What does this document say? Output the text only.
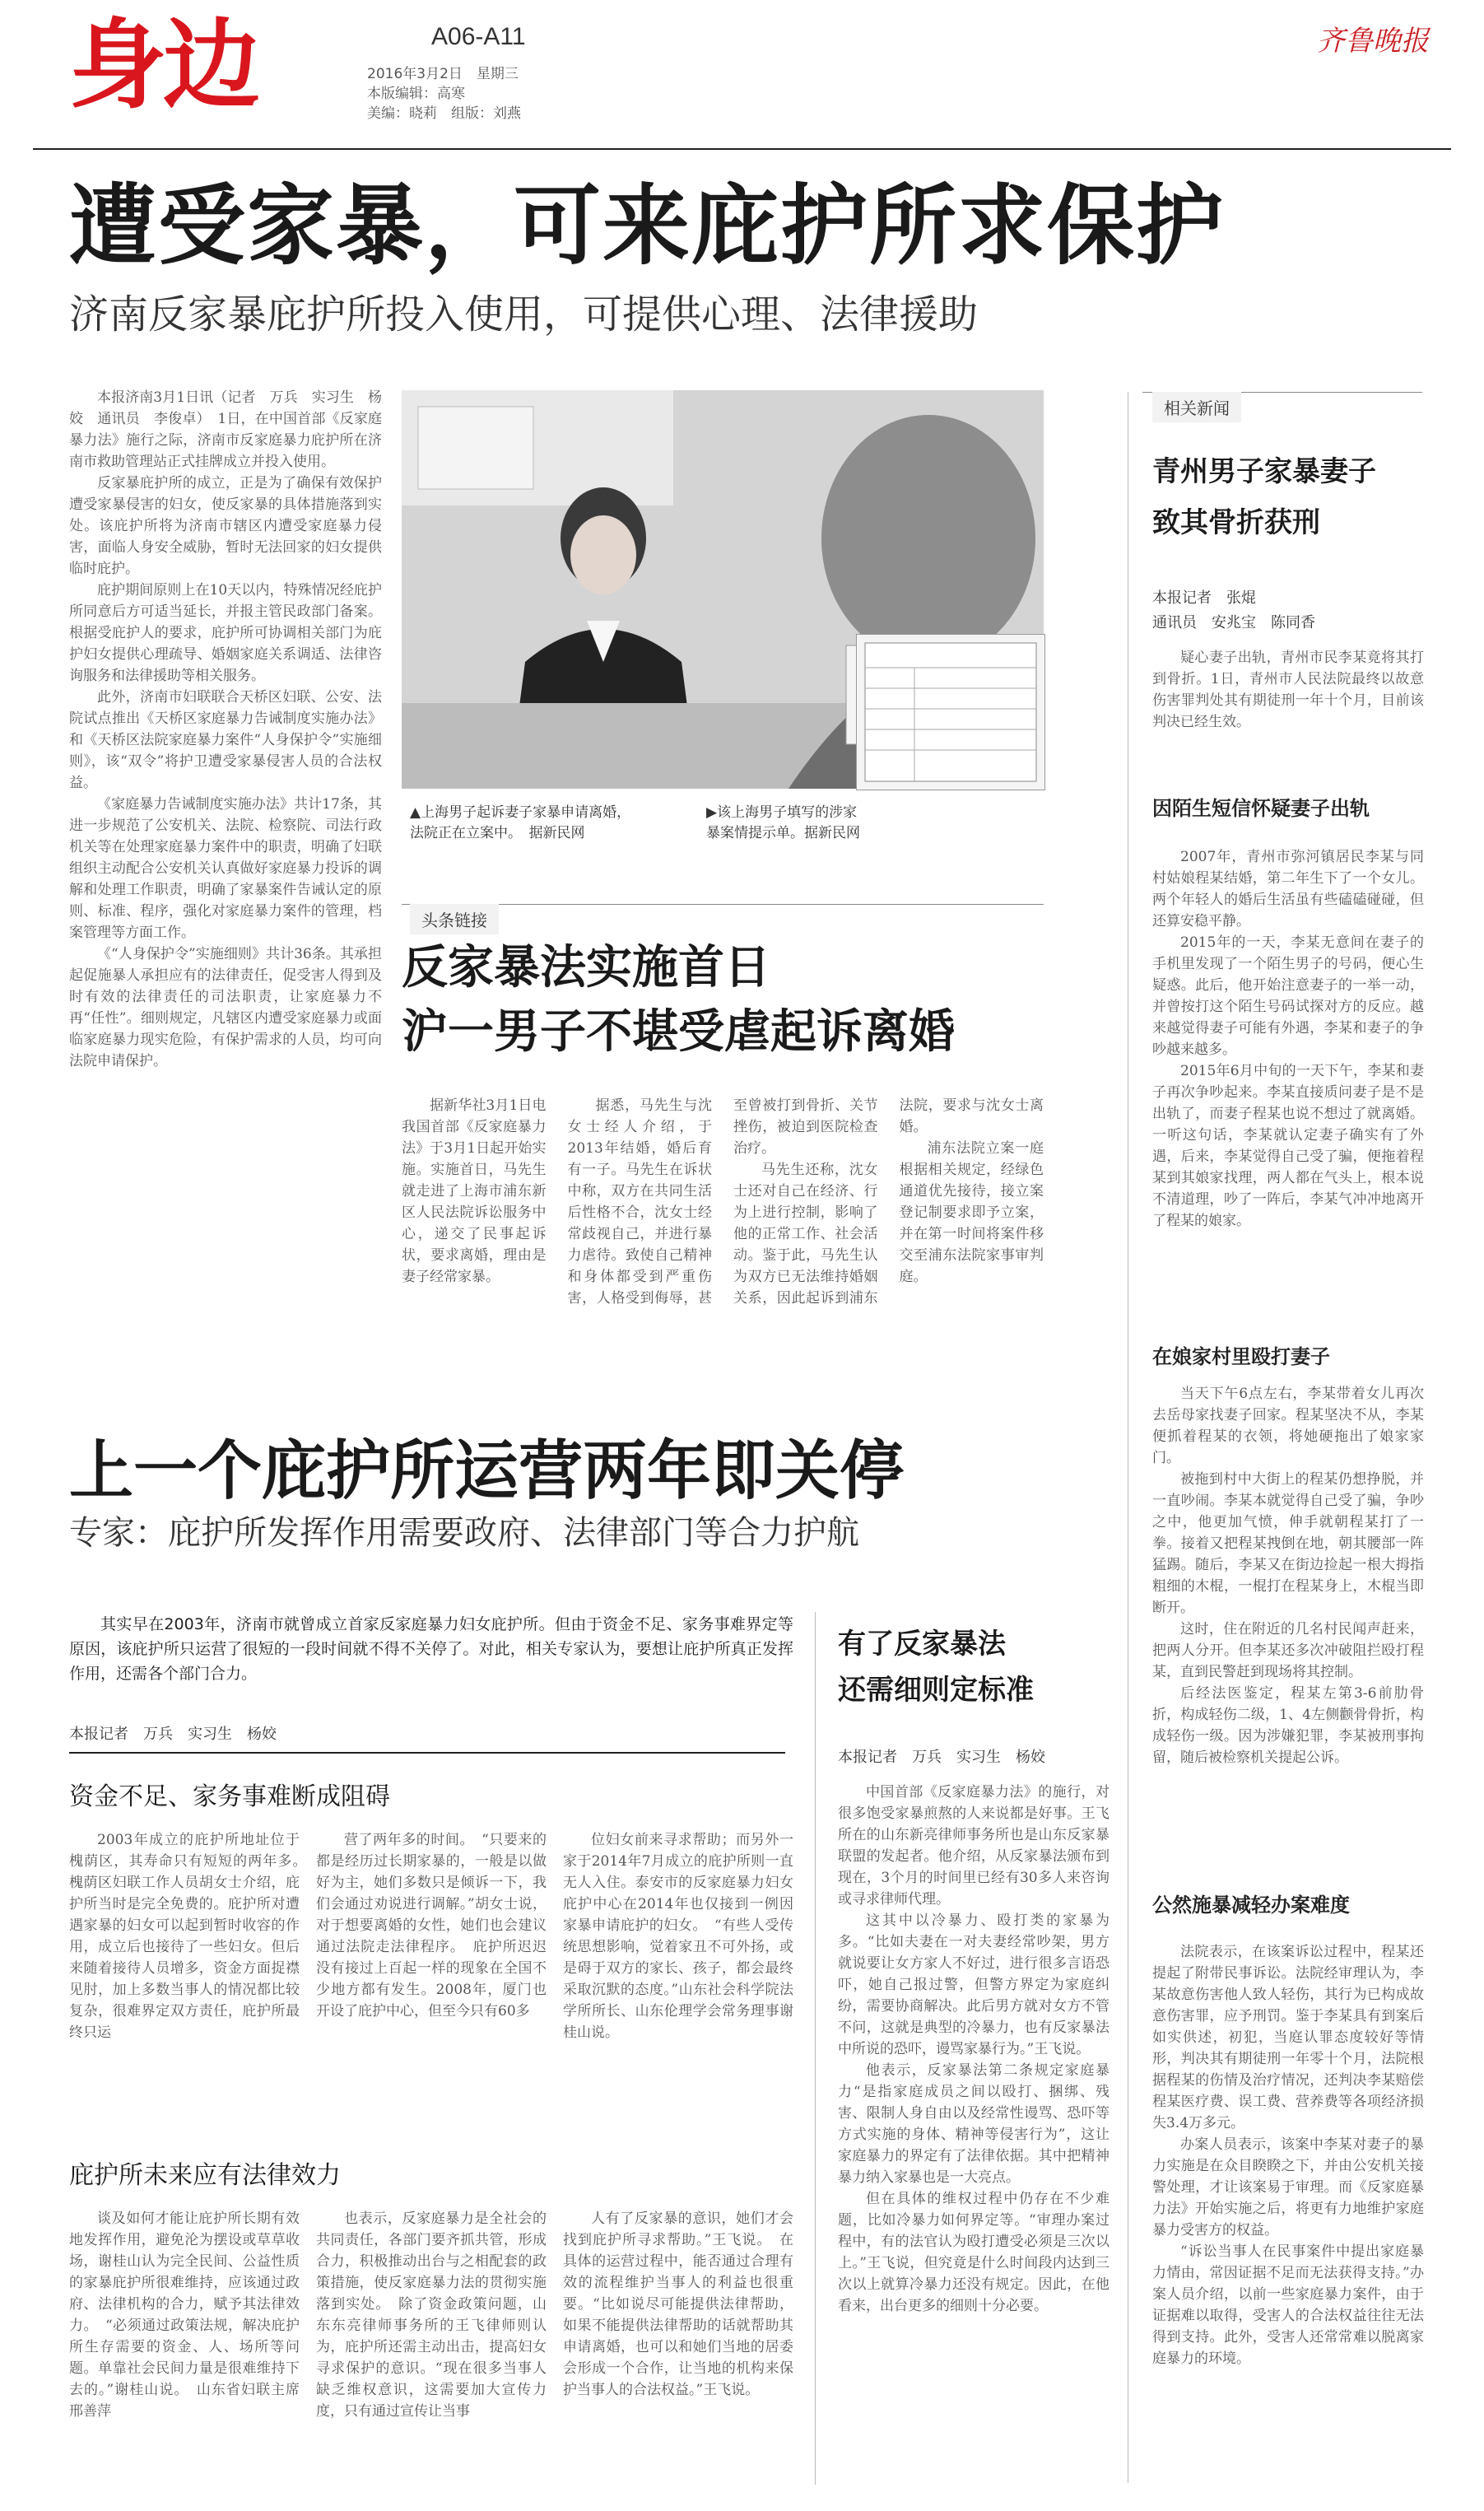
身边	A06-A11
2016年3月2日　星期三
本版编辑：高寒
美编：晓莉　组版：刘燕
齐鲁晚报
遭受家暴，可来庇护所求保护
济南反家暴庇护所投入使用，可提供心理、法律援助

本报济南3月1日讯（记者　万兵　实习生　杨姣　通讯员　李俊卓）　1日，在中国首部《反家庭暴力法》施行之际，济南市反家庭暴力庇护所在济南市救助管理站正式挂牌成立并投入使用。

反家暴庇护所的成立，正是为了确保有效保护遭受家暴侵害的妇女，使反家暴的具体措施落到实处。该庇护所将为济南市辖区内遭受家庭暴力侵害，面临人身安全威胁，暂时无法回家的妇女提供临时庇护。

庇护期间原则上在10天以内，特殊情况经庇护所同意后方可适当延长，并报主管民政部门备案。根据受庇护人的要求，庇护所可协调相关部门为庇护妇女提供心理疏导、婚姻家庭关系调适、法律咨询服务和法律援助等相关服务。

此外，济南市妇联联合天桥区妇联、公安、法院试点推出《天桥区家庭暴力告诫制度实施办法》和《天桥区法院家庭暴力案件“人身保护令”实施细则》，该“双令”将护卫遭受家暴侵害人员的合法权益。

《家庭暴力告诫制度实施办法》共计17条，其进一步规范了公安机关、法院、检察院、司法行政机关等在处理家庭暴力案件中的职责，明确了妇联组织主动配合公安机关认真做好家庭暴力投诉的调解和处理工作职责，明确了家暴案件告诫认定的原则、标准、程序，强化对家庭暴力案件的管理，档案管理等方面工作。

《“人身保护令”实施细则》共计36条。其承担起促施暴人承担应有的法律责任，促受害人得到及时有效的法律责任的司法职责，让家庭暴力不再“任性”。细则规定，凡辖区内遭受家庭暴力或面临家庭暴力现实危险，有保护需求的人员，均可向法院申请保护。

▲上海男子起诉妻子家暴申请离婚，法院正在立案中。　据新民网
▶该上海男子填写的涉家暴案情提示单。据新民网
头条链接
反家暴法实施首日
沪一男子不堪受虐起诉离婚

据新华社3月1日电　我国首部《反家庭暴力法》于3月1日起开始实施。实施首日，马先生就走进了上海市浦东新区人民法院诉讼服务中心，递交了民事起诉状，要求离婚，理由是妻子经常家暴。

据悉，马先生与沈女士经人介绍，于2013年结婚，婚后育有一子。马先生在诉状中称，双方在共同生活后性格不合，沈女士经常歧视自己，并进行暴力虐待。致使自己精神和身体都受到严重伤害，人格受到侮辱，甚至曾被打到骨折、关节挫伤，被迫到医院检查治疗。

马先生还称，沈女士还对自己在经济、行为上进行控制，影响了他的正常工作、社会活动。鉴于此，马先生认为双方已无法维持婚姻关系，因此起诉到浦东法院，要求与沈女士离婚。

浦东法院立案一庭根据相关规定，经绿色通道优先接待，接立案登记制要求即予立案，并在第一时间将案件移交至浦东法院家事审判庭。

相关新闻
青州男子家暴妻子
致其骨折获刑
本报记者　张焜
通讯员　安兆宝　陈同香

疑心妻子出轨，青州市民李某竟将其打到骨折。1日，青州市人民法院最终以故意伤害罪判处其有期徒刑一年十个月，目前该判决已经生效。

因陌生短信怀疑妻子出轨

2007年，青州市弥河镇居民李某与同村姑娘程某结婚，第二年生下了一个女儿。两个年轻人的婚后生活虽有些磕磕碰碰，但还算安稳平静。

2015年的一天，李某无意间在妻子的手机里发现了一个陌生男子的号码，便心生疑惑。此后，他开始注意妻子的一举一动，并曾按打这个陌生号码试探对方的反应。越来越觉得妻子可能有外遇，李某和妻子的争吵越来越多。

2015年6月中旬的一天下午，李某和妻子再次争吵起来。李某直接质问妻子是不是出轨了，而妻子程某也说不想过了就离婚。一听这句话，李某就认定妻子确实有了外遇，后来，李某觉得自己受了骗，便拖着程某到其娘家找理，两人都在气头上，根本说不清道理，吵了一阵后，李某气冲冲地离开了程某的娘家。

在娘家村里殴打妻子

当天下午6点左右，李某带着女儿再次去岳母家找妻子回家。程某坚决不从，李某便抓着程某的衣领，将她硬拖出了娘家家门。

被拖到村中大街上的程某仍想挣脱，并一直吵闹。李某本就觉得自己受了骗，争吵之中，他更加气愤，伸手就朝程某打了一拳。接着又把程某拽倒在地，朝其腰部一阵猛踢。随后，李某又在街边捡起一根大拇指粗细的木棍，一棍打在程某身上，木棍当即断开。

这时，住在附近的几名村民闻声赶来，把两人分开。但李某还多次冲破阻拦殴打程某，直到民警赶到现场将其控制。

后经法医鉴定，程某左第3-6前肋骨折，构成轻伤二级，1、4左侧颧骨骨折，构成轻伤一级。因为涉嫌犯罪，李某被刑事拘留，随后被检察机关提起公诉。

公然施暴减轻办案难度

法院表示，在该案诉讼过程中，程某还提起了附带民事诉讼。法院经审理认为，李某故意伤害他人致人轻伤，其行为已构成故意伤害罪，应予刑罚。鉴于李某具有到案后如实供述，初犯，当庭认罪态度较好等情形，判决其有期徒刑一年零十个月，法院根据程某的伤情及治疗情况，还判决李某赔偿程某医疗费、误工费、营养费等各项经济损失3.4万多元。

办案人员表示，该案中李某对妻子的暴力实施是在众目睽睽之下，并由公安机关接警处理，才让该案易于审理。而《反家庭暴力法》开始实施之后，将更有力地维护家庭暴力受害方的权益。

“诉讼当事人在民事案件中提出家庭暴力情由，常因证据不足而无法获得支持。”办案人员介绍，以前一些家庭暴力案件，由于证据难以取得，受害人的合法权益往往无法得到支持。此外，受害人还常常难以脱离家庭暴力的环境。

上一个庇护所运营两年即关停
专家：庇护所发挥作用需要政府、法律部门等合力护航
其实早在2003年，济南市就曾成立首家反家庭暴力妇女庇护所。但由于资金不足、家务事难界定等原因，该庇护所只运营了很短的一段时间就不得不关停了。对此，相关专家认为，要想让庇护所真正发挥作用，还需各个部门合力。
本报记者　万兵　实习生　杨姣
资金不足、家务事难断成阻碍

2003年成立的庇护所地址位于槐荫区，其寿命只有短短的两年多。　槐荫区妇联工作人员胡女士介绍，庇护所当时是完全免费的。庇护所对遭遇家暴的妇女可以起到暂时收容的作用，成立后也接待了一些妇女。但后来随着接待人员增多，资金方面捉襟见肘，加上多数当事人的情况都比较复杂，很难界定双方责任，庇护所最终只运

营了两年多的时间。　“只要来的都是经历过长期家暴的，一般是以做好为主，她们多数只是倾诉一下，我们会通过劝说进行调解。”胡女士说，对于想要离婚的女性，她们也会建议通过法院走法律程序。　庇护所迟迟没有接过上百起一样的现象在全国不少地方都有发生。2008年，厦门也开设了庇护中心，但至今只有60多

位妇女前来寻求帮助；而另外一家于2014年7月成立的庇护所则一直无人入住。泰安市的反家庭暴力妇女庇护中心在2014年也仅接到一例因家暴申请庇护的妇女。　“有些人受传统思想影响，觉着家丑不可外扬，或是碍于双方的家长、孩子，都会最终采取沉默的态度。”山东社会科学院法学所所长、山东伦理学会常务理事谢桂山说。

庇护所未来应有法律效力

谈及如何才能让庇护所长期有效地发挥作用，避免沦为摆设或草草收场，谢桂山认为完全民间、公益性质的家暴庇护所很难维持，应该通过政府、法律机构的合力，赋予其法律效力。　“必须通过政策法规，解决庇护所生存需要的资金、人、场所等问题。单靠社会民间力量是很难维持下去的。”谢桂山说。　山东省妇联主席邢善萍

也表示，反家庭暴力是全社会的共同责任，各部门要齐抓共管，形成合力，积极推动出台与之相配套的政策措施，使反家庭暴力法的贯彻实施落到实处。　除了资金政策问题，山东东亮律师事务所的王飞律师则认为，庇护所还需主动出击，提高妇女寻求保护的意识。“现在很多当事人缺乏维权意识，这需要加大宣传力度，只有通过宣传让当事

人有了反家暴的意识，她们才会找到庇护所寻求帮助。”王飞说。　在具体的运营过程中，能否通过合理有效的流程维护当事人的利益也很重要。“比如说尽可能提供法律帮助，如果不能提供法律帮助的话就帮助其申请离婚，也可以和她们当地的居委会形成一个合作，让当地的机构来保护当事人的合法权益。”王飞说。

有了反家暴法
还需细则定标准
本报记者　万兵　实习生　杨姣

中国首部《反家庭暴力法》的施行，对很多饱受家暴煎熬的人来说都是好事。王飞所在的山东新亮律师事务所也是山东反家暴联盟的发起者。他介绍，从反家暴法颁布到现在，3个月的时间里已经有30多人来咨询或寻求律师代理。

这其中以冷暴力、殴打类的家暴为多。“比如夫妻在一对夫妻经常吵架，男方就说要让女方家人不好过，进行很多言语恐吓，她自己报过警，但警方界定为家庭纠纷，需要协商解决。此后男方就对女方不管不问，这就是典型的冷暴力，也有反家暴法中所说的恐吓，谩骂家暴行为。”王飞说。

他表示，反家暴法第二条规定家庭暴力“是指家庭成员之间以殴打、捆绑、残害、限制人身自由以及经常性谩骂、恐吓等方式实施的身体、精神等侵害行为”，这让家庭暴力的界定有了法律依据。其中把精神暴力纳入家暴也是一大亮点。

但在具体的维权过程中仍存在不少难题，比如冷暴力如何界定等。“审理办案过程中，有的法官认为殴打遭受必须是三次以上。”王飞说，但究竟是什么时间段内达到三次以上就算冷暴力还没有规定。因此，在他看来，出台更多的细则十分必要。
